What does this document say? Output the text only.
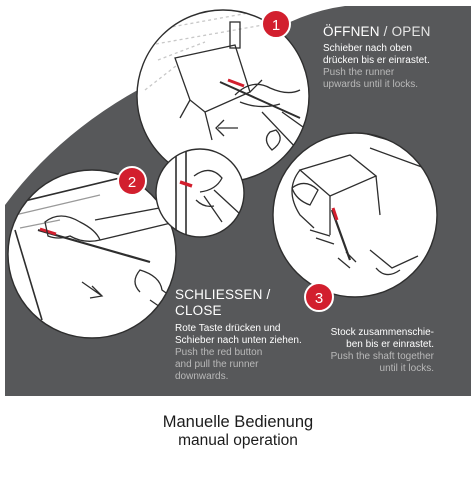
1
2
3
ÖFFNEN / OPEN
Schieber nach oben
drücken bis er einrastet.
Push the runner
upwards until it locks.
SCHLIESSEN /
CLOSE
Rote Taste drücken und
Schieber nach unten ziehen.
Push the red button
and pull the runner
downwards.
Stock zusammenschie-
ben bis er einrastet.
Push the shaft together
until it locks.
Manuelle Bedienung
manual operation
